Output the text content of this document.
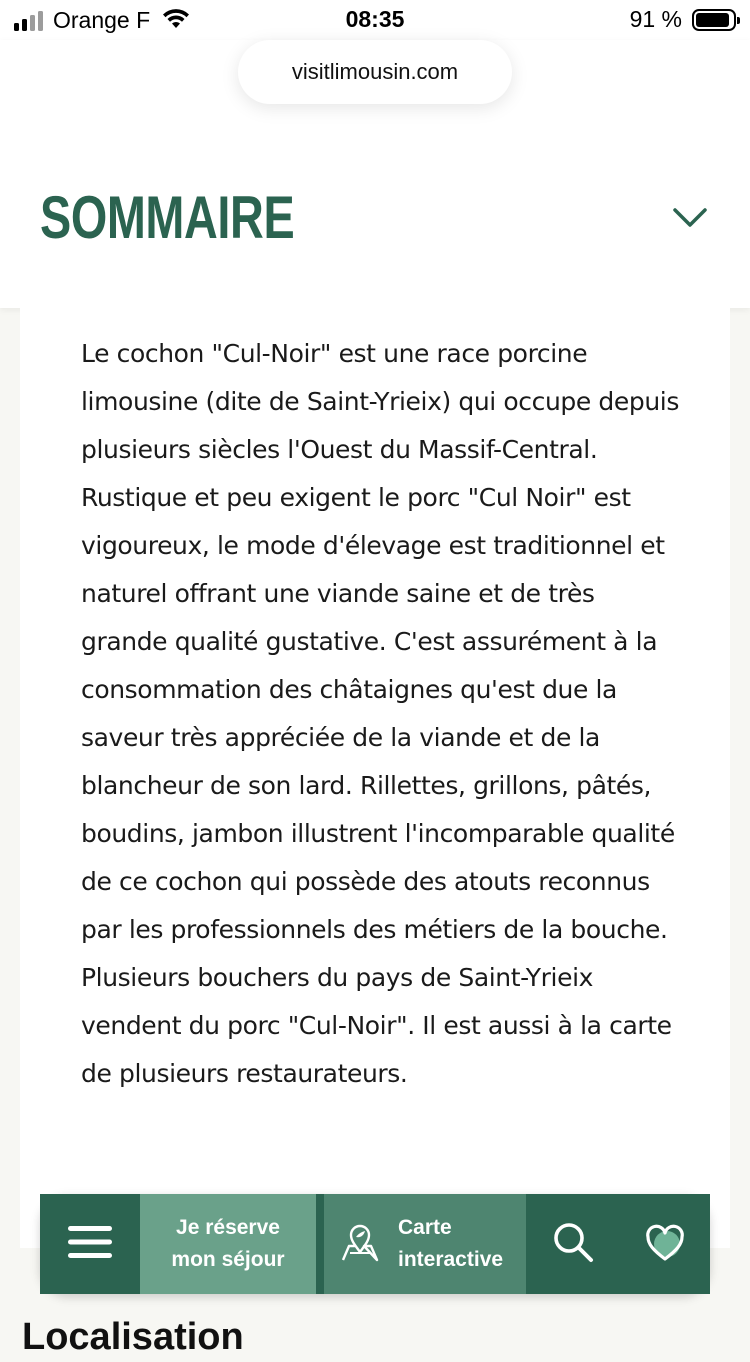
Orange F	08:35	91 %
visitlimousin.com
SOMMAIRE

Le cochon "Cul-Noir" est une race porcine limousine (dite de Saint-Yrieix) qui occupe depuis plusieurs siècles l'Ouest du Massif-Central. Rustique et peu exigent le porc "Cul Noir" est vigoureux, le mode d'élevage est traditionnel et naturel offrant une viande saine et de très grande qualité gustative. C'est assurément à la consommation des châtaignes qu'est due la saveur très appréciée de la viande et de la blancheur de son lard. Rillettes, grillons, pâtés, boudins, jambon illustrent l'incomparable qualité de ce cochon qui possède des atouts reconnus par les professionnels des métiers de la bouche. Plusieurs bouchers du pays de Saint-Yrieix vendent du porc "Cul-Noir". Il est aussi à la carte de plusieurs restaurateurs.

Localisation
Je réserve
mon séjour
Carte
interactive
